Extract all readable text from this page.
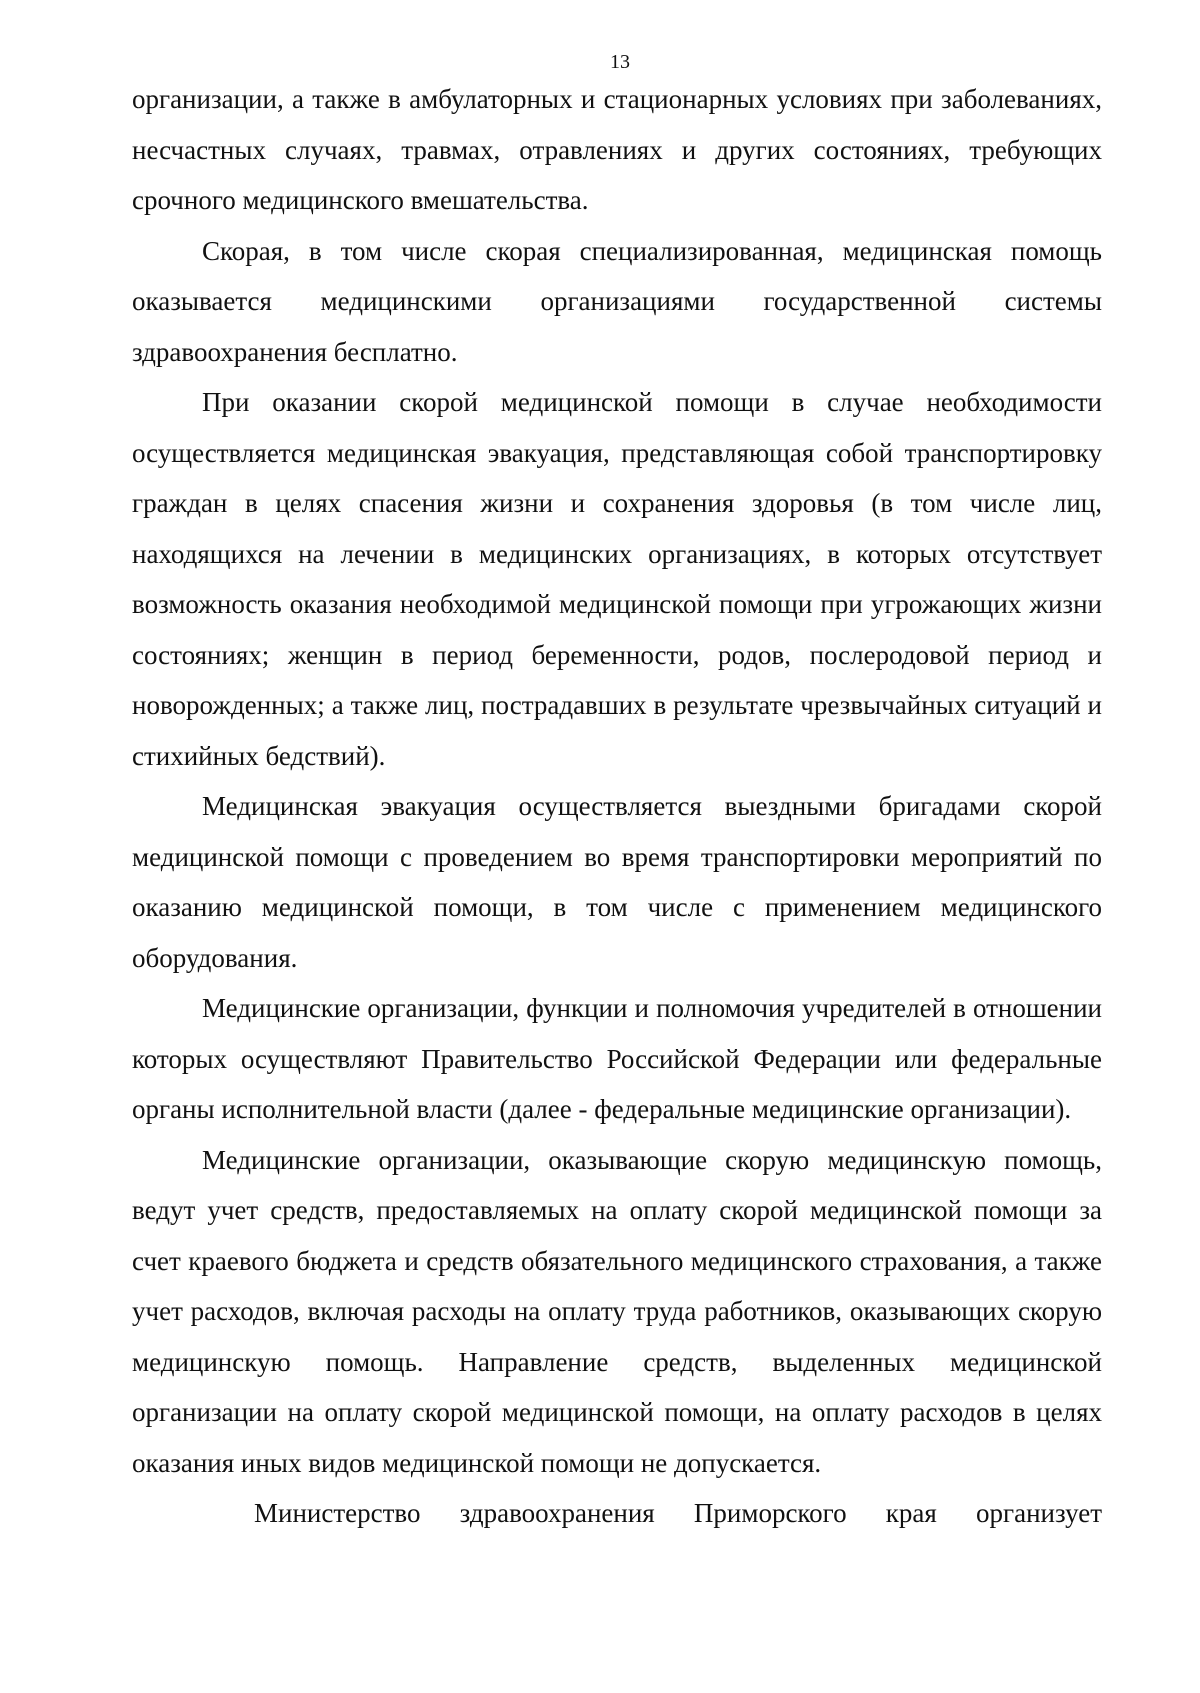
13

организации, а также в амбулаторных и стационарных условиях при заболеваниях, несчастных случаях, травмах, отравлениях и других состояниях, требующих срочного медицинского вмешательства.

Скорая, в том числе скорая специализированная, медицинская помощь оказывается медицинскими организациями государственной системы здравоохранения бесплатно.

При оказании скорой медицинской помощи в случае необходимости осуществляется медицинская эвакуация, представляющая собой транспортировку граждан в целях спасения жизни и сохранения здоровья (в том числе лиц, находящихся на лечении в медицинских организациях, в которых отсутствует возможность оказания необходимой медицинской помощи при угрожающих жизни состояниях; женщин в период беременности, родов, послеродовой период и новорожденных; а также лиц, пострадавших в результате чрезвычайных ситуаций и стихийных бедствий).

Медицинская эвакуация осуществляется выездными бригадами скорой медицинской помощи с проведением во время транспортировки мероприятий по оказанию медицинской помощи, в том числе с применением медицинского оборудования.

Медицинские организации, функции и полномочия учредителей в отношении которых осуществляют Правительство Российской Федерации или федеральные органы исполнительной власти (далее - федеральные медицинские организации).

Медицинские организации, оказывающие скорую медицинскую помощь, ведут учет средств, предоставляемых на оплату скорой медицинской помощи за счет краевого бюджета и средств обязательного медицинского страхования, а также учет расходов, включая расходы на оплату труда работников, оказывающих скорую медицинскую помощь. Направление средств, выделенных медицинской организации на оплату скорой медицинской помощи, на оплату расходов в целях оказания иных видов медицинской помощи не допускается.

Министерство здравоохранения Приморского края организует
